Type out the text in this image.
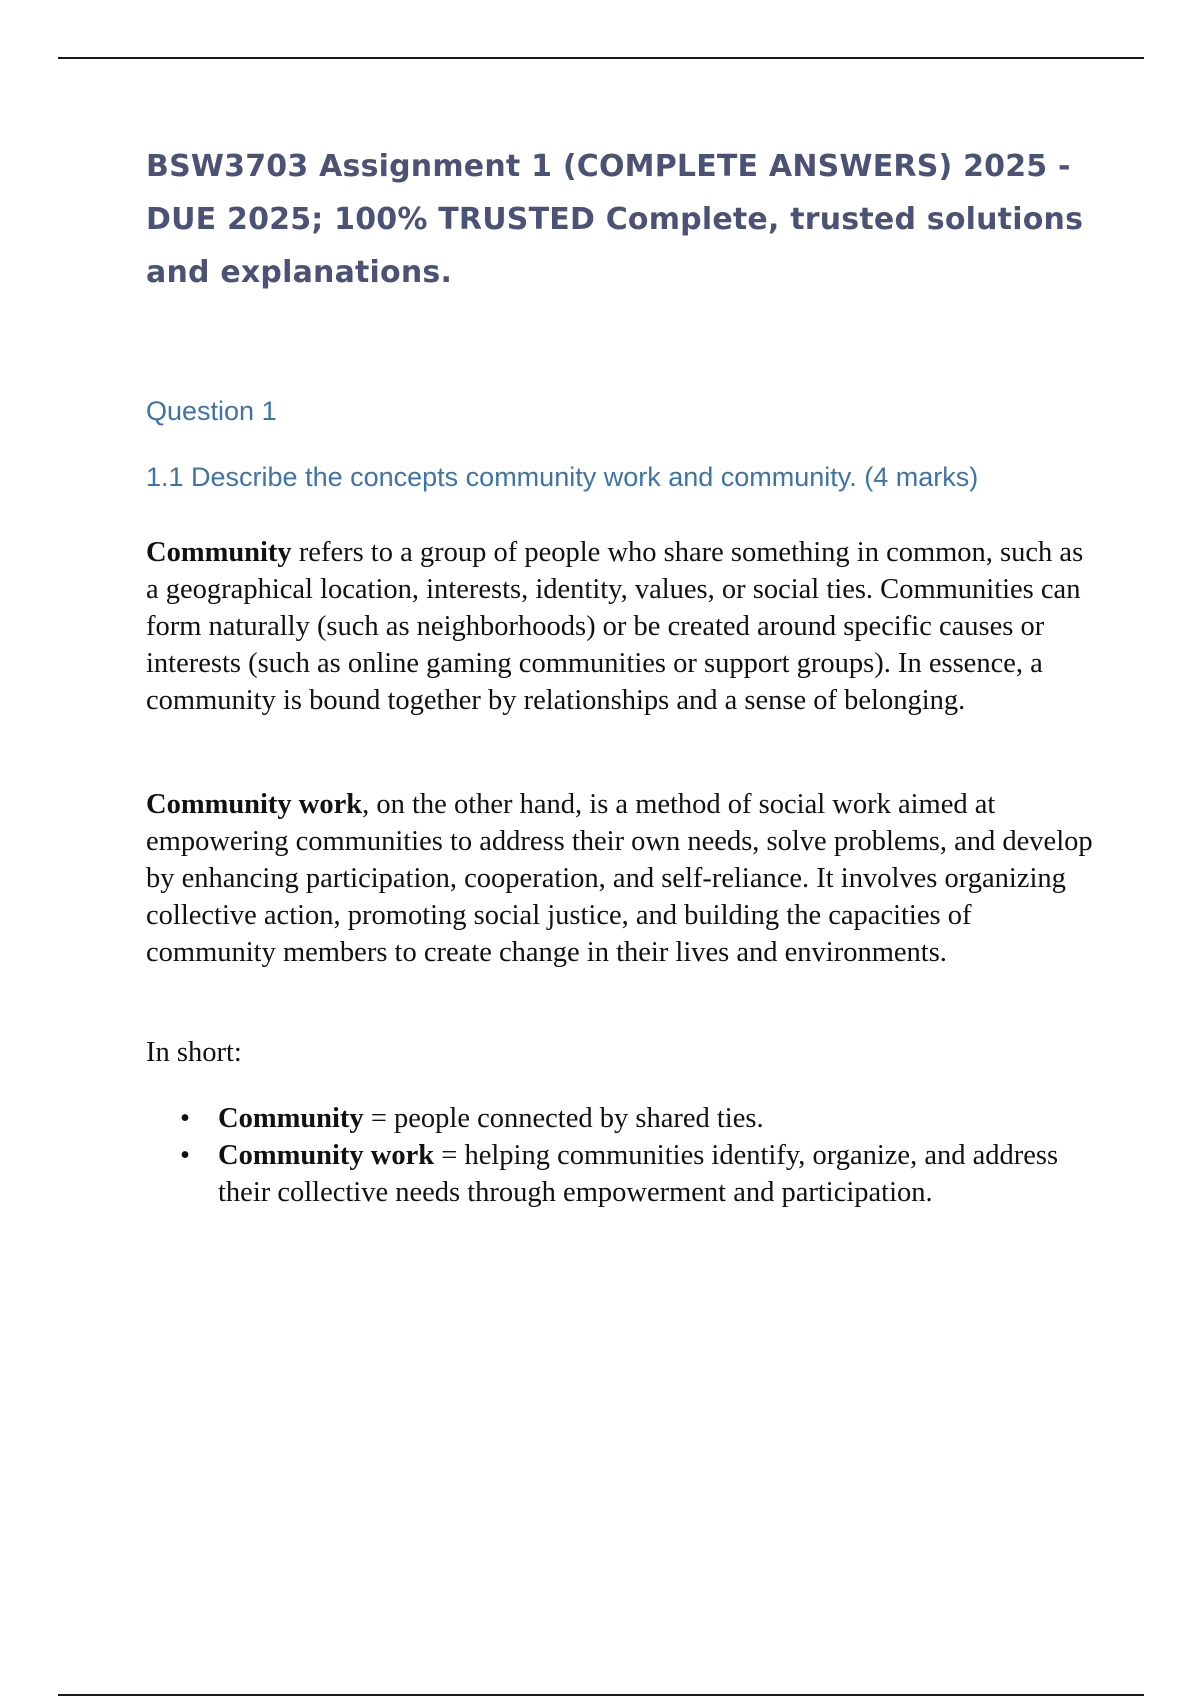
BSW3703 Assignment 1 (COMPLETE ANSWERS) 2025 - DUE 2025; 100% TRUSTED Complete, trusted solutions and explanations.
Question 1
1.1 Describe the concepts community work and community. (4 marks)

Community refers to a group of people who share something in common, such as a geographical location, interests, identity, values, or social ties. Communities can form naturally (such as neighborhoods) or be created around specific causes or interests (such as online gaming communities or support groups). In essence, a community is bound together by relationships and a sense of belonging.

Community work, on the other hand, is a method of social work aimed at empowering communities to address their own needs, solve problems, and develop by enhancing participation, cooperation, and self-reliance. It involves organizing collective action, promoting social justice, and building the capacities of community members to create change in their lives and environments.

In short:

• Community = people connected by shared ties.
• Community work = helping communities identify, organize, and address their collective needs through empowerment and participation.
